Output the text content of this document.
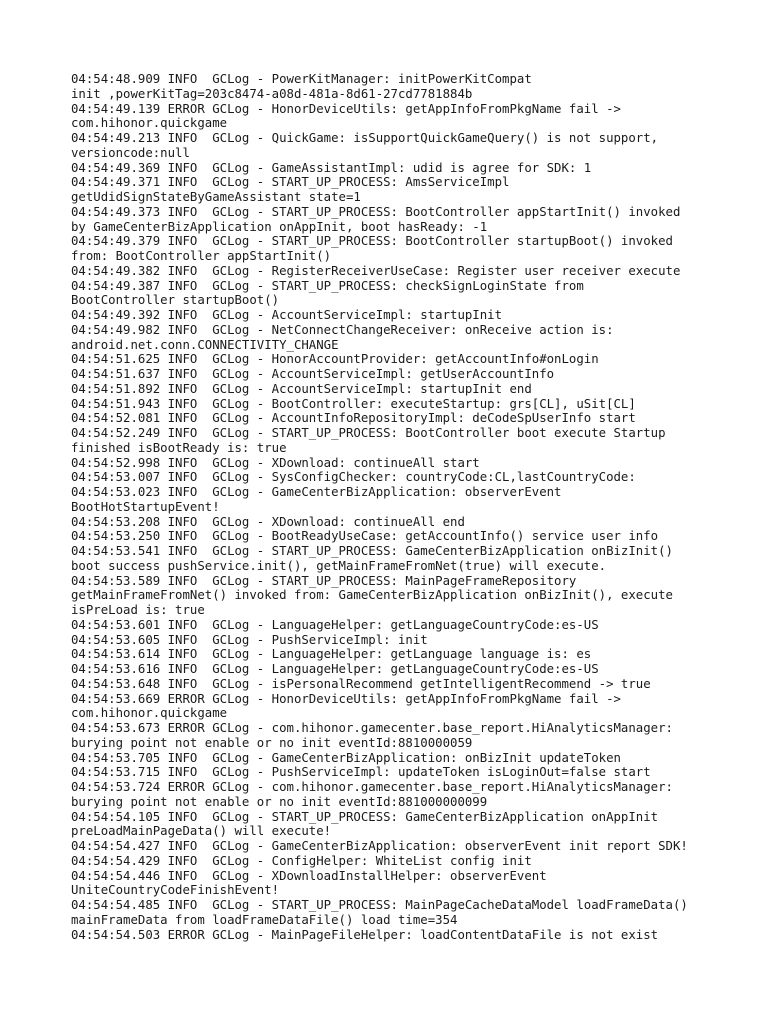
04:54:48.909 INFO  GCLog - PowerKitManager: initPowerKitCompat
init ,powerKitTag=203c8474-a08d-481a-8d61-27cd7781884b
04:54:49.139 ERROR GCLog - HonorDeviceUtils: getAppInfoFromPkgName fail ->
com.hihonor.quickgame
04:54:49.213 INFO  GCLog - QuickGame: isSupportQuickGameQuery() is not support,
versioncode:null
04:54:49.369 INFO  GCLog - GameAssistantImpl: udid is agree for SDK: 1
04:54:49.371 INFO  GCLog - START_UP_PROCESS: AmsServiceImpl
getUdidSignStateByGameAssistant state=1
04:54:49.373 INFO  GCLog - START_UP_PROCESS: BootController appStartInit() invoked
by GameCenterBizApplication onAppInit, boot hasReady: -1
04:54:49.379 INFO  GCLog - START_UP_PROCESS: BootController startupBoot() invoked
from: BootController appStartInit()
04:54:49.382 INFO  GCLog - RegisterReceiverUseCase: Register user receiver execute
04:54:49.387 INFO  GCLog - START_UP_PROCESS: checkSignLoginState from
BootController startupBoot()
04:54:49.392 INFO  GCLog - AccountServiceImpl: startupInit
04:54:49.982 INFO  GCLog - NetConnectChangeReceiver: onReceive action is:
android.net.conn.CONNECTIVITY_CHANGE
04:54:51.625 INFO  GCLog - HonorAccountProvider: getAccountInfo#onLogin
04:54:51.637 INFO  GCLog - AccountServiceImpl: getUserAccountInfo
04:54:51.892 INFO  GCLog - AccountServiceImpl: startupInit end
04:54:51.943 INFO  GCLog - BootController: executeStartup: grs[CL], uSit[CL]
04:54:52.081 INFO  GCLog - AccountInfoRepositoryImpl: deCodeSpUserInfo start
04:54:52.249 INFO  GCLog - START_UP_PROCESS: BootController boot execute Startup
finished isBootReady is: true
04:54:52.998 INFO  GCLog - XDownload: continueAll start
04:54:53.007 INFO  GCLog - SysConfigChecker: countryCode:CL,lastCountryCode:
04:54:53.023 INFO  GCLog - GameCenterBizApplication: observerEvent
BootHotStartupEvent!
04:54:53.208 INFO  GCLog - XDownload: continueAll end
04:54:53.250 INFO  GCLog - BootReadyUseCase: getAccountInfo() service user info
04:54:53.541 INFO  GCLog - START_UP_PROCESS: GameCenterBizApplication onBizInit()
boot success pushService.init(), getMainFrameFromNet(true) will execute.
04:54:53.589 INFO  GCLog - START_UP_PROCESS: MainPageFrameRepository
getMainFrameFromNet() invoked from: GameCenterBizApplication onBizInit(), execute
isPreLoad is: true
04:54:53.601 INFO  GCLog - LanguageHelper: getLanguageCountryCode:es-US
04:54:53.605 INFO  GCLog - PushServiceImpl: init
04:54:53.614 INFO  GCLog - LanguageHelper: getLanguage language is: es
04:54:53.616 INFO  GCLog - LanguageHelper: getLanguageCountryCode:es-US
04:54:53.648 INFO  GCLog - isPersonalRecommend getIntelligentRecommend -> true
04:54:53.669 ERROR GCLog - HonorDeviceUtils: getAppInfoFromPkgName fail ->
com.hihonor.quickgame
04:54:53.673 ERROR GCLog - com.hihonor.gamecenter.base_report.HiAnalyticsManager:
burying point not enable or no init eventId:8810000059
04:54:53.705 INFO  GCLog - GameCenterBizApplication: onBizInit updateToken
04:54:53.715 INFO  GCLog - PushServiceImpl: updateToken isLoginOut=false start
04:54:53.724 ERROR GCLog - com.hihonor.gamecenter.base_report.HiAnalyticsManager:
burying point not enable or no init eventId:881000000099
04:54:54.105 INFO  GCLog - START_UP_PROCESS: GameCenterBizApplication onAppInit
preLoadMainPageData() will execute!
04:54:54.427 INFO  GCLog - GameCenterBizApplication: observerEvent init report SDK!
04:54:54.429 INFO  GCLog - ConfigHelper: WhiteList config init
04:54:54.446 INFO  GCLog - XDownloadInstallHelper: observerEvent
UniteCountryCodeFinishEvent!
04:54:54.485 INFO  GCLog - START_UP_PROCESS: MainPageCacheDataModel loadFrameData()
mainFrameData from loadFrameDataFile() load time=354
04:54:54.503 ERROR GCLog - MainPageFileHelper: loadContentDataFile is not exist
